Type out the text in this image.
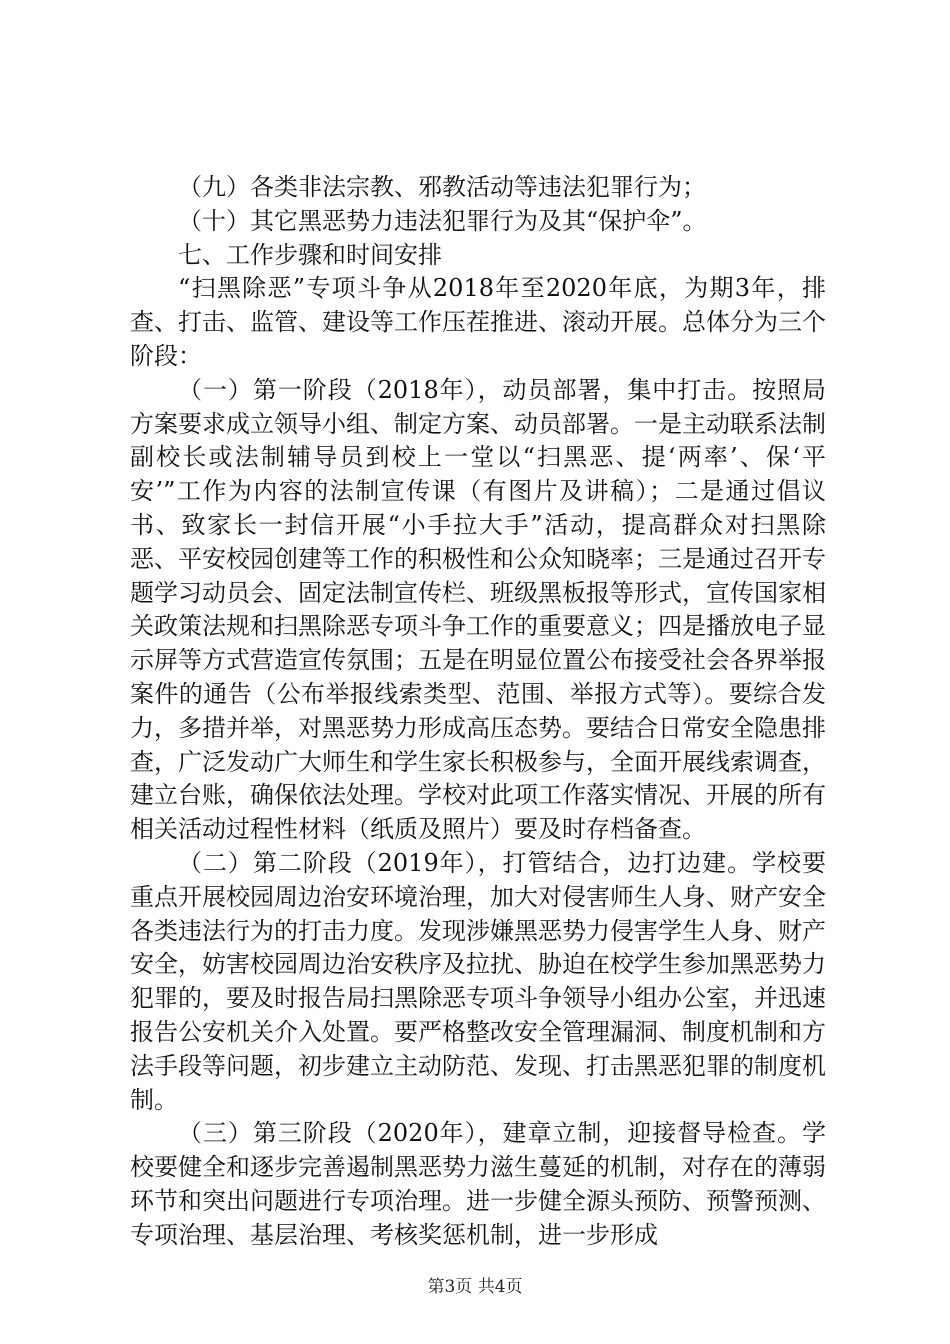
（九）各类非法宗教、邪教活动等违法犯罪行为；

（十）其它黑恶势力违法犯罪行为及其“保护伞”。

七、工作步骤和时间安排

“扫黑除恶”专项斗争从2018年至2020年底，为期3年，排查、打击、监管、建设等工作压茬推进、滚动开展。总体分为三个阶段：

（一）第一阶段（2018年），动员部署，集中打击。按照局方案要求成立领导小组、制定方案、动员部署。一是主动联系法制副校长或法制辅导员到校上一堂以“扫黑恶、提‘两率’、保‘平安’”工作为内容的法制宣传课（有图片及讲稿）；二是通过倡议书、致家长一封信开展“小手拉大手”活动，提高群众对扫黑除恶、平安校园创建等工作的积极性和公众知晓率；三是通过召开专题学习动员会、固定法制宣传栏、班级黑板报等形式，宣传国家相关政策法规和扫黑除恶专项斗争工作的重要意义；四是播放电子显示屏等方式营造宣传氛围；五是在明显位置公布接受社会各界举报案件的通告（公布举报线索类型、范围、举报方式等）。要综合发力，多措并举，对黑恶势力形成高压态势。要结合日常安全隐患排查，广泛发动广大师生和学生家长积极参与，全面开展线索调查，建立台账，确保依法处理。学校对此项工作落实情况、开展的所有相关活动过程性材料（纸质及照片）要及时存档备查。

（二）第二阶段（2019年），打管结合，边打边建。学校要重点开展校园周边治安环境治理，加大对侵害师生人身、财产安全各类违法行为的打击力度。发现涉嫌黑恶势力侵害学生人身、财产安全，妨害校园周边治安秩序及拉扰、胁迫在校学生参加黑恶势力犯罪的，要及时报告局扫黑除恶专项斗争领导小组办公室，并迅速报告公安机关介入处置。要严格整改安全管理漏洞、制度机制和方法手段等问题，初步建立主动防范、发现、打击黑恶犯罪的制度机制。

（三）第三阶段（2020年），建章立制，迎接督导检查。学校要健全和逐步完善遏制黑恶势力滋生蔓延的机制，对存在的薄弱环节和突出问题进行专项治理。进一步健全源头预防、预警预测、专项治理、基层治理、考核奖惩机制，进一步形成

第3页 共4页
